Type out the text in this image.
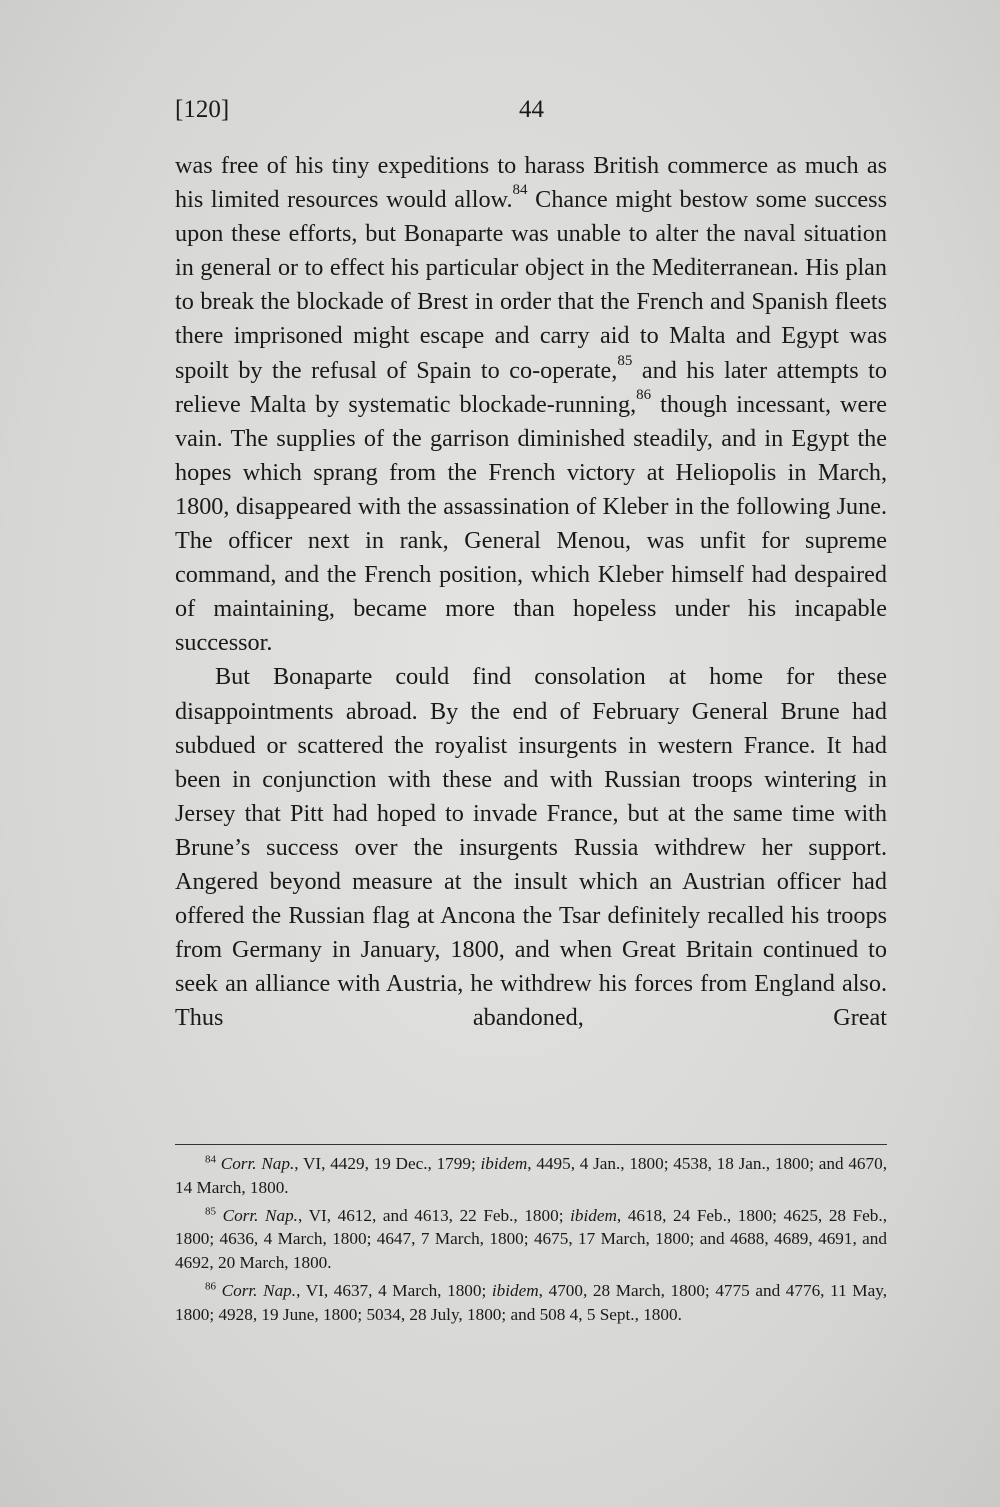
[120]	44

was free of his tiny expeditions to harass British commerce as much as his limited resources would allow.$^{84}$ Chance might bestow some success upon these efforts, but Bonaparte was unable to alter the naval situation in general or to effect his particular object in the Mediterranean. His plan to break the blockade of Brest in order that the French and Spanish fleets there imprisoned might escape and carry aid to Malta and Egypt was spoilt by the refusal of Spain to co-operate,$^{85}$ and his later attempts to relieve Malta by systematic blockade-running,$^{86}$ though incessant, were vain. The supplies of the garrison diminished steadily, and in Egypt the hopes which sprang from the French victory at Heliopolis in March, 1800, disappeared with the assassination of Kleber in the following June. The officer next in rank, General Menou, was unfit for supreme command, and the French position, which Kleber himself had despaired of maintaining, became more than hopeless under his incapable successor.

But Bonaparte could find consolation at home for these disappointments abroad. By the end of February General Brune had subdued or scattered the royalist insurgents in western France. It had been in conjunction with these and with Russian troops wintering in Jersey that Pitt had hoped to invade France, but at the same time with Brune’s success over the insurgents Russia withdrew her support. Angered beyond measure at the insult which an Austrian officer had offered the Russian flag at Ancona the Tsar definitely recalled his troops from Germany in January, 1800, and when Great Britain continued to seek an alliance with Austria, he withdrew his forces from England also. Thus abandoned, Great

$^{84}$ Corr. Nap., VI, 4429, 19 Dec., 1799; ibidem, 4495, 4 Jan., 1800; 4538, 18 Jan., 1800; and 4670, 14 March, 1800.

$^{85}$ Corr. Nap., VI, 4612, and 4613, 22 Feb., 1800; ibidem, 4618, 24 Feb., 1800; 4625, 28 Feb., 1800; 4636, 4 March, 1800; 4647, 7 March, 1800; 4675, 17 March, 1800; and 4688, 4689, 4691, and 4692, 20 March, 1800.

$^{86}$ Corr. Nap., VI, 4637, 4 March, 1800; ibidem, 4700, 28 March, 1800; 4775 and 4776, 11 May, 1800; 4928, 19 June, 1800; 5034, 28 July, 1800; and 508 4, 5 Sept., 1800.
